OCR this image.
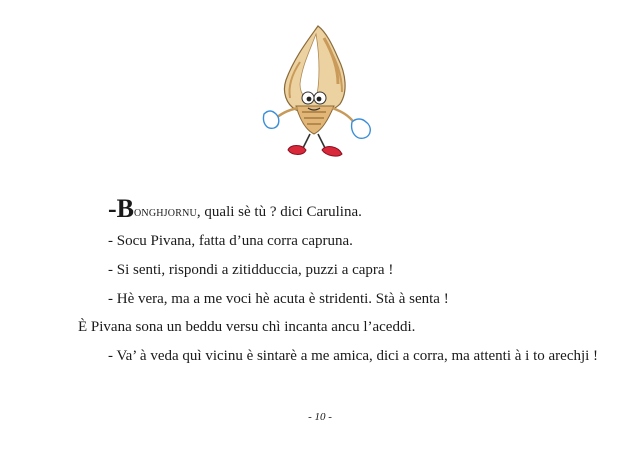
-BONGHJORNU, quali sè tù ? dici Carulina.

- Socu Pivana, fatta d’una corra capruna.

- Si senti, rispondi a zitidduccia, puzzi a capra !

- Hè vera, ma a me voci hè acuta è stridenti. Stà à senta !

È Pivana sona un beddu versu chì incanta ancu l’aceddi.

- Va’ à veda quì vicinu è sintarè a me amica, dici a corra, ma attenti à i to arechji !

- 10 -
